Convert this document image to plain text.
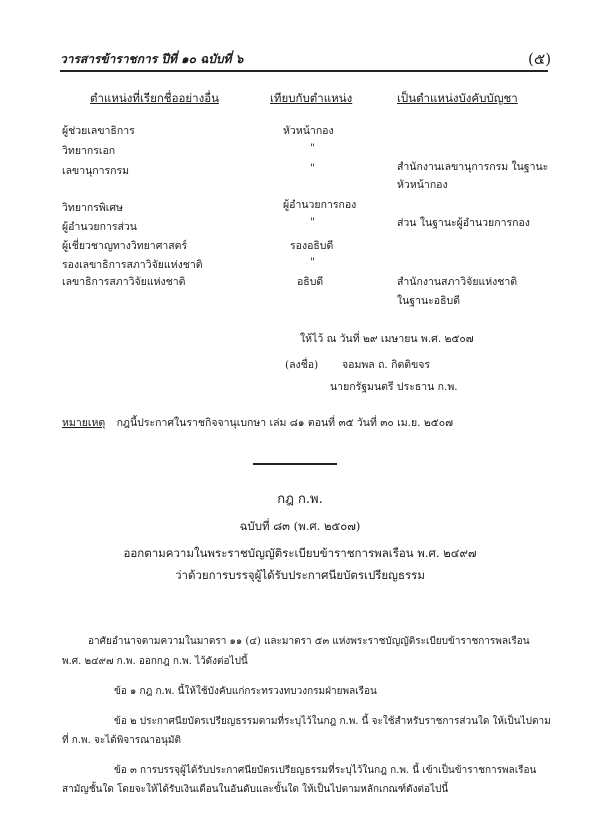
วารสารข้าราชการ ปีที่ ๑๐ ฉบับที่ ๖	(๕)
ตำแหน่งที่เรียกชื่ออย่างอื่น	เทียบกับตำแหน่ง	เป็นตำแหน่งบังคับบัญชา
ผู้ช่วยเลขาธิการ	หัวหน้ากอง
วิทยากรเอก	"
เลขานุการกรม	"	สำนักงานเลขานุการกรม ในฐานะ
หัวหน้ากอง
วิทยากรพิเศษ	ผู้อำนวยการกอง
ผู้อำนวยการส่วน	"	ส่วน ในฐานะผู้อำนวยการกอง
ผู้เชี่ยวชาญทางวิทยาศาสตร์	รองอธิบดี
รองเลขาธิการสภาวิจัยแห่งชาติ	"
เลขาธิการสภาวิจัยแห่งชาติ	อธิบดี	สำนักงานสภาวิจัยแห่งชาติ
ในฐานะอธิบดี
ให้ไว้ ณ วันที่ ๒๙ เมษายน พ.ศ. ๒๕๐๗
(ลงชื่อ) จอมพล ถ. กิตติขจร
นายกรัฐมนตรี ประธาน ก.พ.
หมายเหตุ กฎนี้ประกาศในราชกิจจานุเบกษา เล่ม ๘๑ ตอนที่ ๓๕ วันที่ ๓๐ เม.ย. ๒๕๐๗
กฎ ก.พ.
ฉบับที่ ๘๓ (พ.ศ. ๒๕๐๗)
ออกตามความในพระราชบัญญัติระเบียบข้าราชการพลเรือน พ.ศ. ๒๔๙๗
ว่าด้วยการบรรจุผู้ได้รับประกาศนียบัตรเปรียญธรรม
อาศัยอำนาจตามความในมาตรา ๑๑ (๔) และมาตรา ๕๓ แห่งพระราชบัญญัติระเบียบข้าราชการพลเรือน
พ.ศ. ๒๔๙๗ ก.พ. ออกกฎ ก.พ. ไว้ดังต่อไปนี้
ข้อ ๑ กฎ ก.พ. นี้ให้ใช้บังคับแก่กระทรวงทบวงกรมฝ่ายพลเรือน
ข้อ ๒ ประกาศนียบัตรเปรียญธรรมตามที่ระบุไว้ในกฎ ก.พ. นี้ จะใช้สำหรับราชการส่วนใด ให้เป็นไปตาม
ที่ ก.พ. จะได้พิจารณาอนุมัติ
ข้อ ๓ การบรรจุผู้ได้รับประกาศนียบัตรเปรียญธรรมที่ระบุไว้ในกฎ ก.พ. นี้ เข้าเป็นข้าราชการพลเรือน
สามัญชั้นใด โดยจะให้ได้รับเงินเดือนในอันดับและขั้นใด ให้เป็นไปตามหลักเกณฑ์ดังต่อไปนี้
